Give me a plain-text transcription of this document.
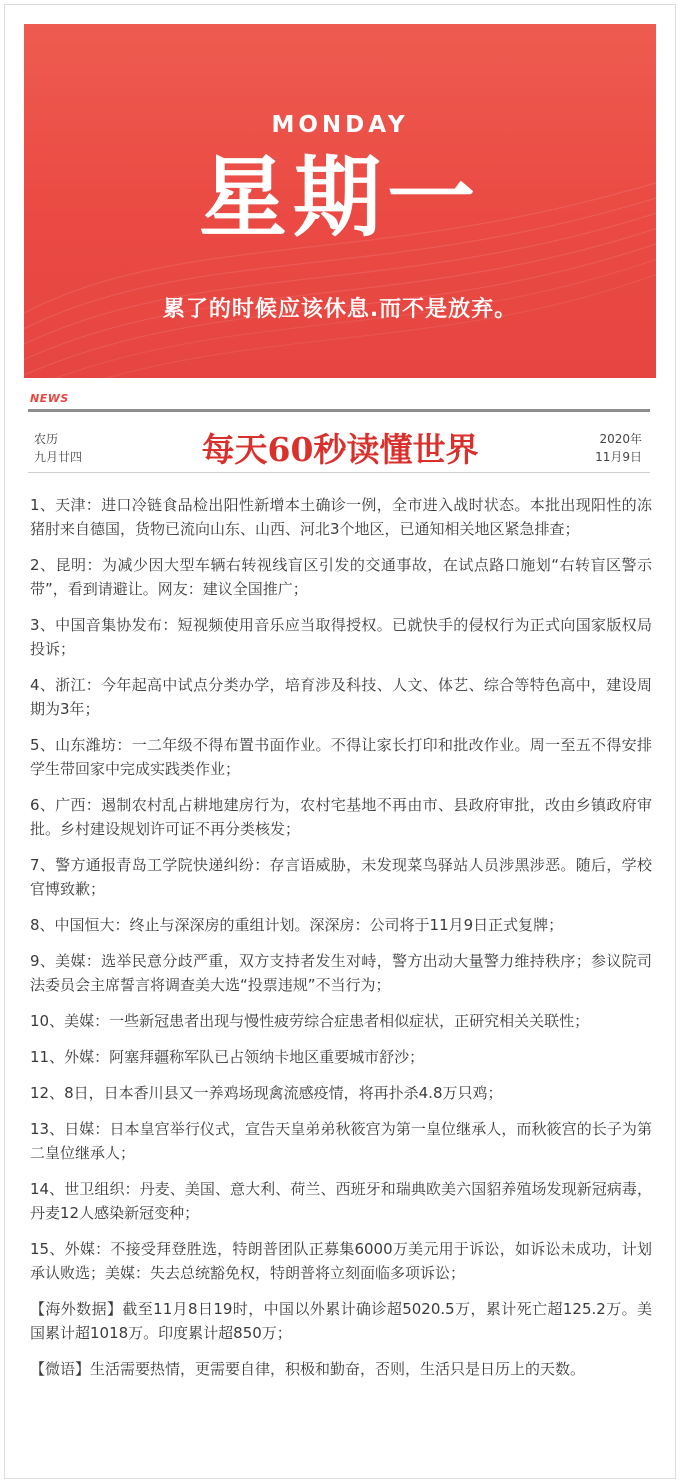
MONDAY
星期一
累了的时候应该休息.而不是放弃。
NEWS
农历
九月廿四	每天60秒读懂世界	2020年
11月9日
1、天津：进口冷链食品检出阳性新增本土确诊一例，全市进入战时状态。本批出现阳性的冻猪肘来自德国，货物已流向山东、山西、河北3个地区，已通知相关地区紧急排查；
2、昆明：为减少因大型车辆右转视线盲区引发的交通事故，在试点路口施划“右转盲区警示带”，看到请避让。网友：建议全国推广；
3、中国音集协发布：短视频使用音乐应当取得授权。已就快手的侵权行为正式向国家版权局投诉；
4、浙江：今年起高中试点分类办学，培育涉及科技、人文、体艺、综合等特色高中，建设周期为3年；
5、山东潍坊：一二年级不得布置书面作业。不得让家长打印和批改作业。周一至五不得安排学生带回家中完成实践类作业；
6、广西：遏制农村乱占耕地建房行为，农村宅基地不再由市、县政府审批，改由乡镇政府审批。乡村建设规划许可证不再分类核发；
7、警方通报青岛工学院快递纠纷：存言语威胁，未发现菜鸟驿站人员涉黑涉恶。随后，学校官博致歉；
8、中国恒大：终止与深深房的重组计划。深深房：公司将于11月9日正式复牌；
9、美媒：选举民意分歧严重，双方支持者发生对峙，警方出动大量警力维持秩序；参议院司法委员会主席誓言将调查美大选“投票违规”不当行为；
10、美媒：一些新冠患者出现与慢性疲劳综合症患者相似症状，正研究相关关联性；
11、外媒：阿塞拜疆称军队已占领纳卡地区重要城市舒沙；
12、8日，日本香川县又一养鸡场现禽流感疫情，将再扑杀4.8万只鸡；
13、日媒：日本皇宫举行仪式，宣告天皇弟弟秋筱宫为第一皇位继承人，而秋筱宫的长子为第二皇位继承人；
14、世卫组织：丹麦、美国、意大利、荷兰、西班牙和瑞典欧美六国貂养殖场发现新冠病毒，丹麦12人感染新冠变种；
15、外媒：不接受拜登胜选，特朗普团队正募集6000万美元用于诉讼，如诉讼未成功，计划承认败选；美媒：失去总统豁免权，特朗普将立刻面临多项诉讼；
【海外数据】截至11月8日19时，中国以外累计确诊超5020.5万，累计死亡超125.2万。美国累计超1018万。印度累计超850万；
【微语】生活需要热情，更需要自律，积极和勤奋，否则，生活只是日历上的天数。
